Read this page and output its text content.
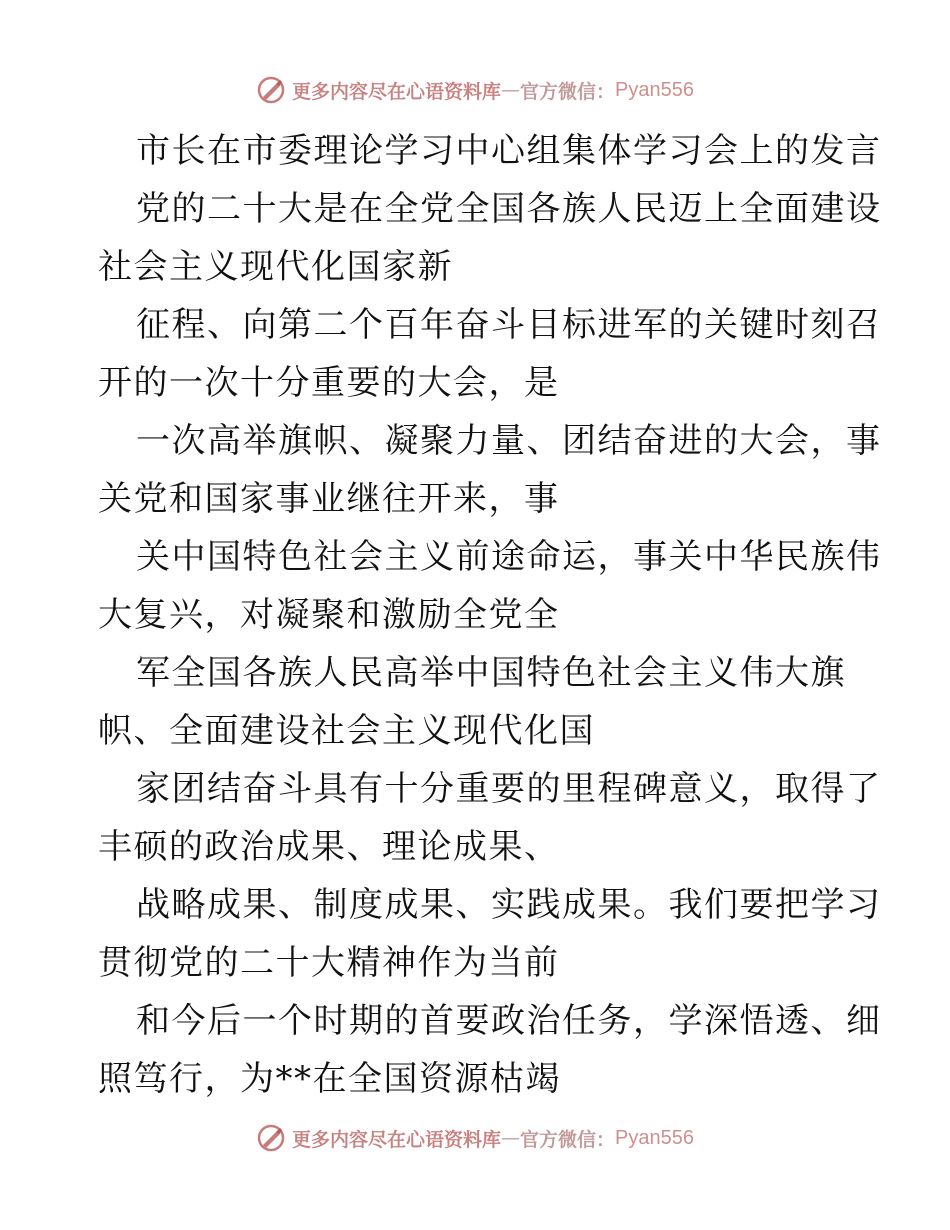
更多内容尽在心语资料库 — 官方微信： Pyan556
市长在市委理论学习中心组集体学习会上的发言
党的二十大是在全党全国各族人民迈上全面建设
社会主义现代化国家新
征程、向第二个百年奋斗目标进军的关键时刻召
开的一次十分重要的大会，是
一次高举旗帜、凝聚力量、团结奋进的大会，事
关党和国家事业继往开来，事
关中国特色社会主义前途命运，事关中华民族伟
大复兴，对凝聚和激励全党全
军全国各族人民高举中国特色社会主义伟大旗
帜、全面建设社会主义现代化国
家团结奋斗具有十分重要的里程碑意义，取得了
丰硕的政治成果、理论成果、
战略成果、制度成果、实践成果。我们要把学习
贯彻党的二十大精神作为当前
和今后一个时期的首要政治任务，学深悟透、细
照笃行，为**在全国资源枯竭
更多内容尽在心语资料库 — 官方微信： Pyan556
